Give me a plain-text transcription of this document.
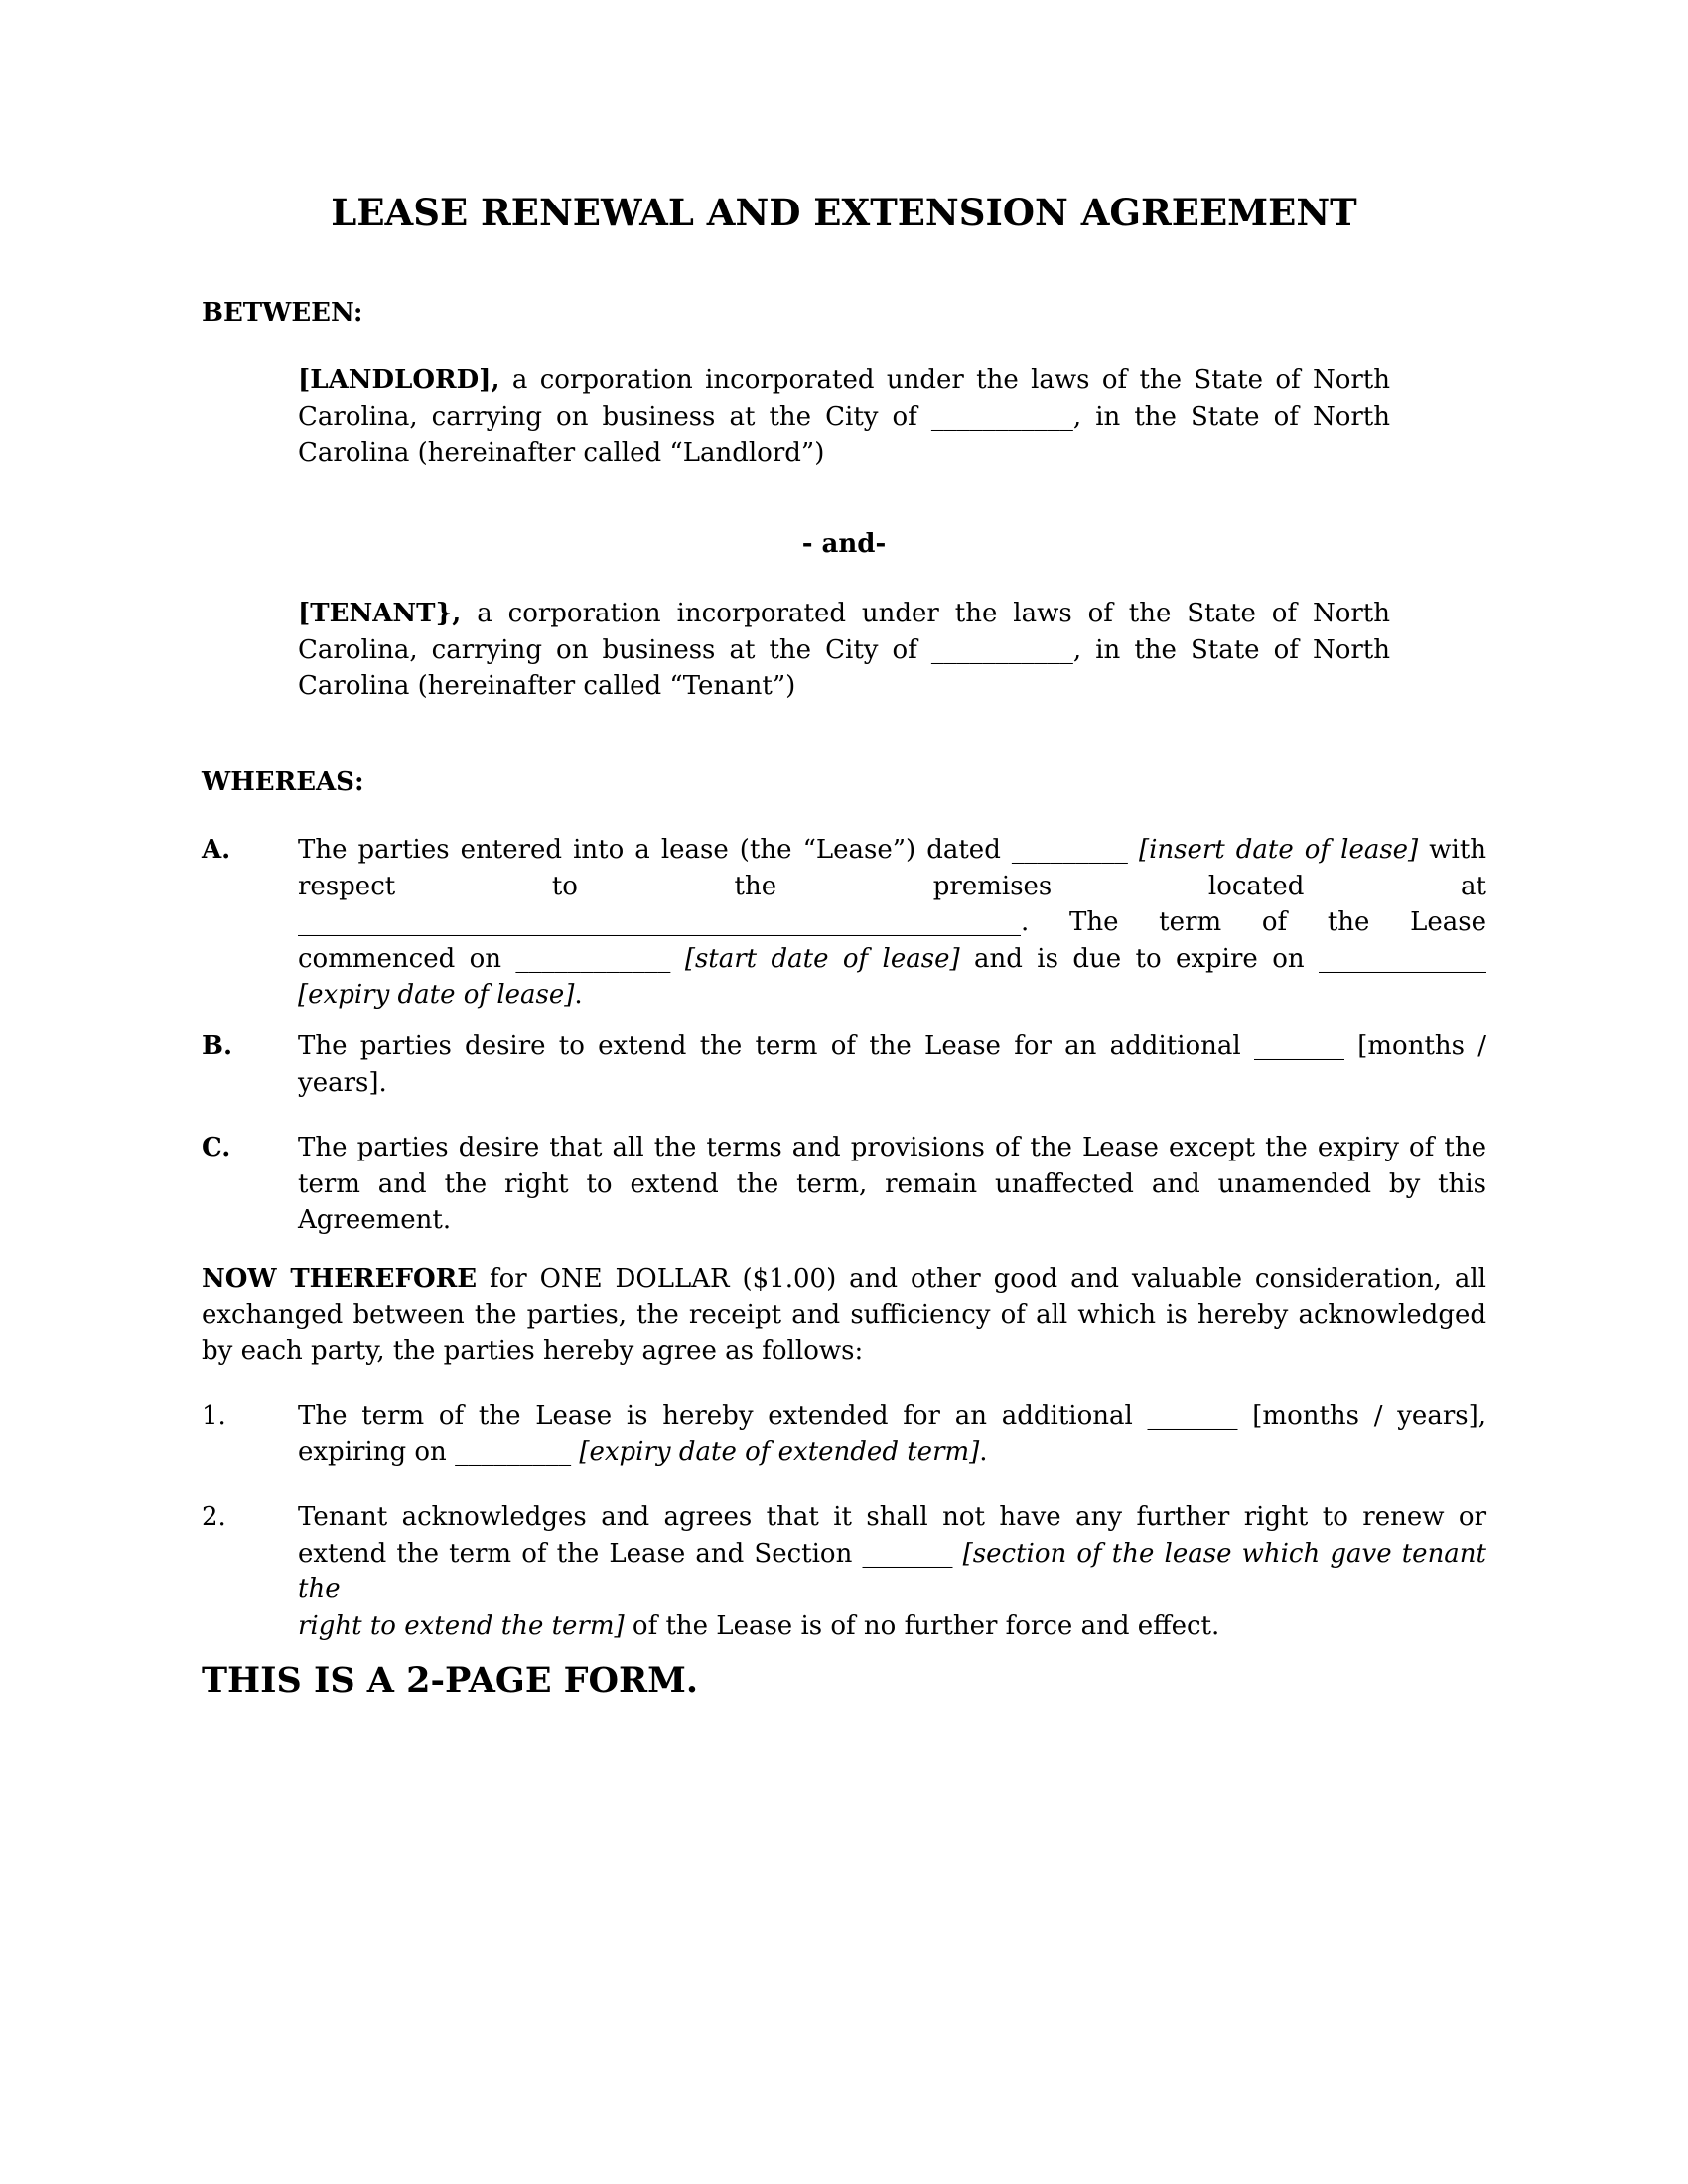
LEASE RENEWAL AND EXTENSION AGREEMENT
BETWEEN:
[LANDLORD], a corporation incorporated under the laws of the State of North
Carolina, carrying on business at the City of ___________, in the State of North
Carolina (hereinafter called “Landlord”)
- and-
[TENANT}, a corporation incorporated under the laws of the State of North
Carolina, carrying on business at the City of ___________, in the State of North
Carolina (hereinafter called “Tenant”)
WHEREAS:
A.	The parties entered into a lease (the “Lease”) dated _________ [insert date of lease] with
respect to the premises located at
________________________________________________________. The term of the Lease
commenced on ____________ [start date of lease] and is due to expire on _____________
[expiry date of lease].
B.	The parties desire to extend the term of the Lease for an additional _______ [months /
years].
C.	The parties desire that all the terms and provisions of the Lease except the expiry of the
term and the right to extend the term, remain unaffected and unamended by this
Agreement.
NOW THEREFORE for ONE DOLLAR ($1.00) and other good and valuable consideration, all
exchanged between the parties, the receipt and sufficiency of all which is hereby acknowledged
by each party, the parties hereby agree as follows:
1.	The term of the Lease is hereby extended for an additional _______ [months / years],
expiring on _________ [expiry date of extended term].
2.	Tenant acknowledges and agrees that it shall not have any further right to renew or
extend the term of the Lease and Section _______ [section of the lease which gave tenant the
right to extend the term] of the Lease is of no further force and effect.
THIS IS A 2-PAGE FORM.
